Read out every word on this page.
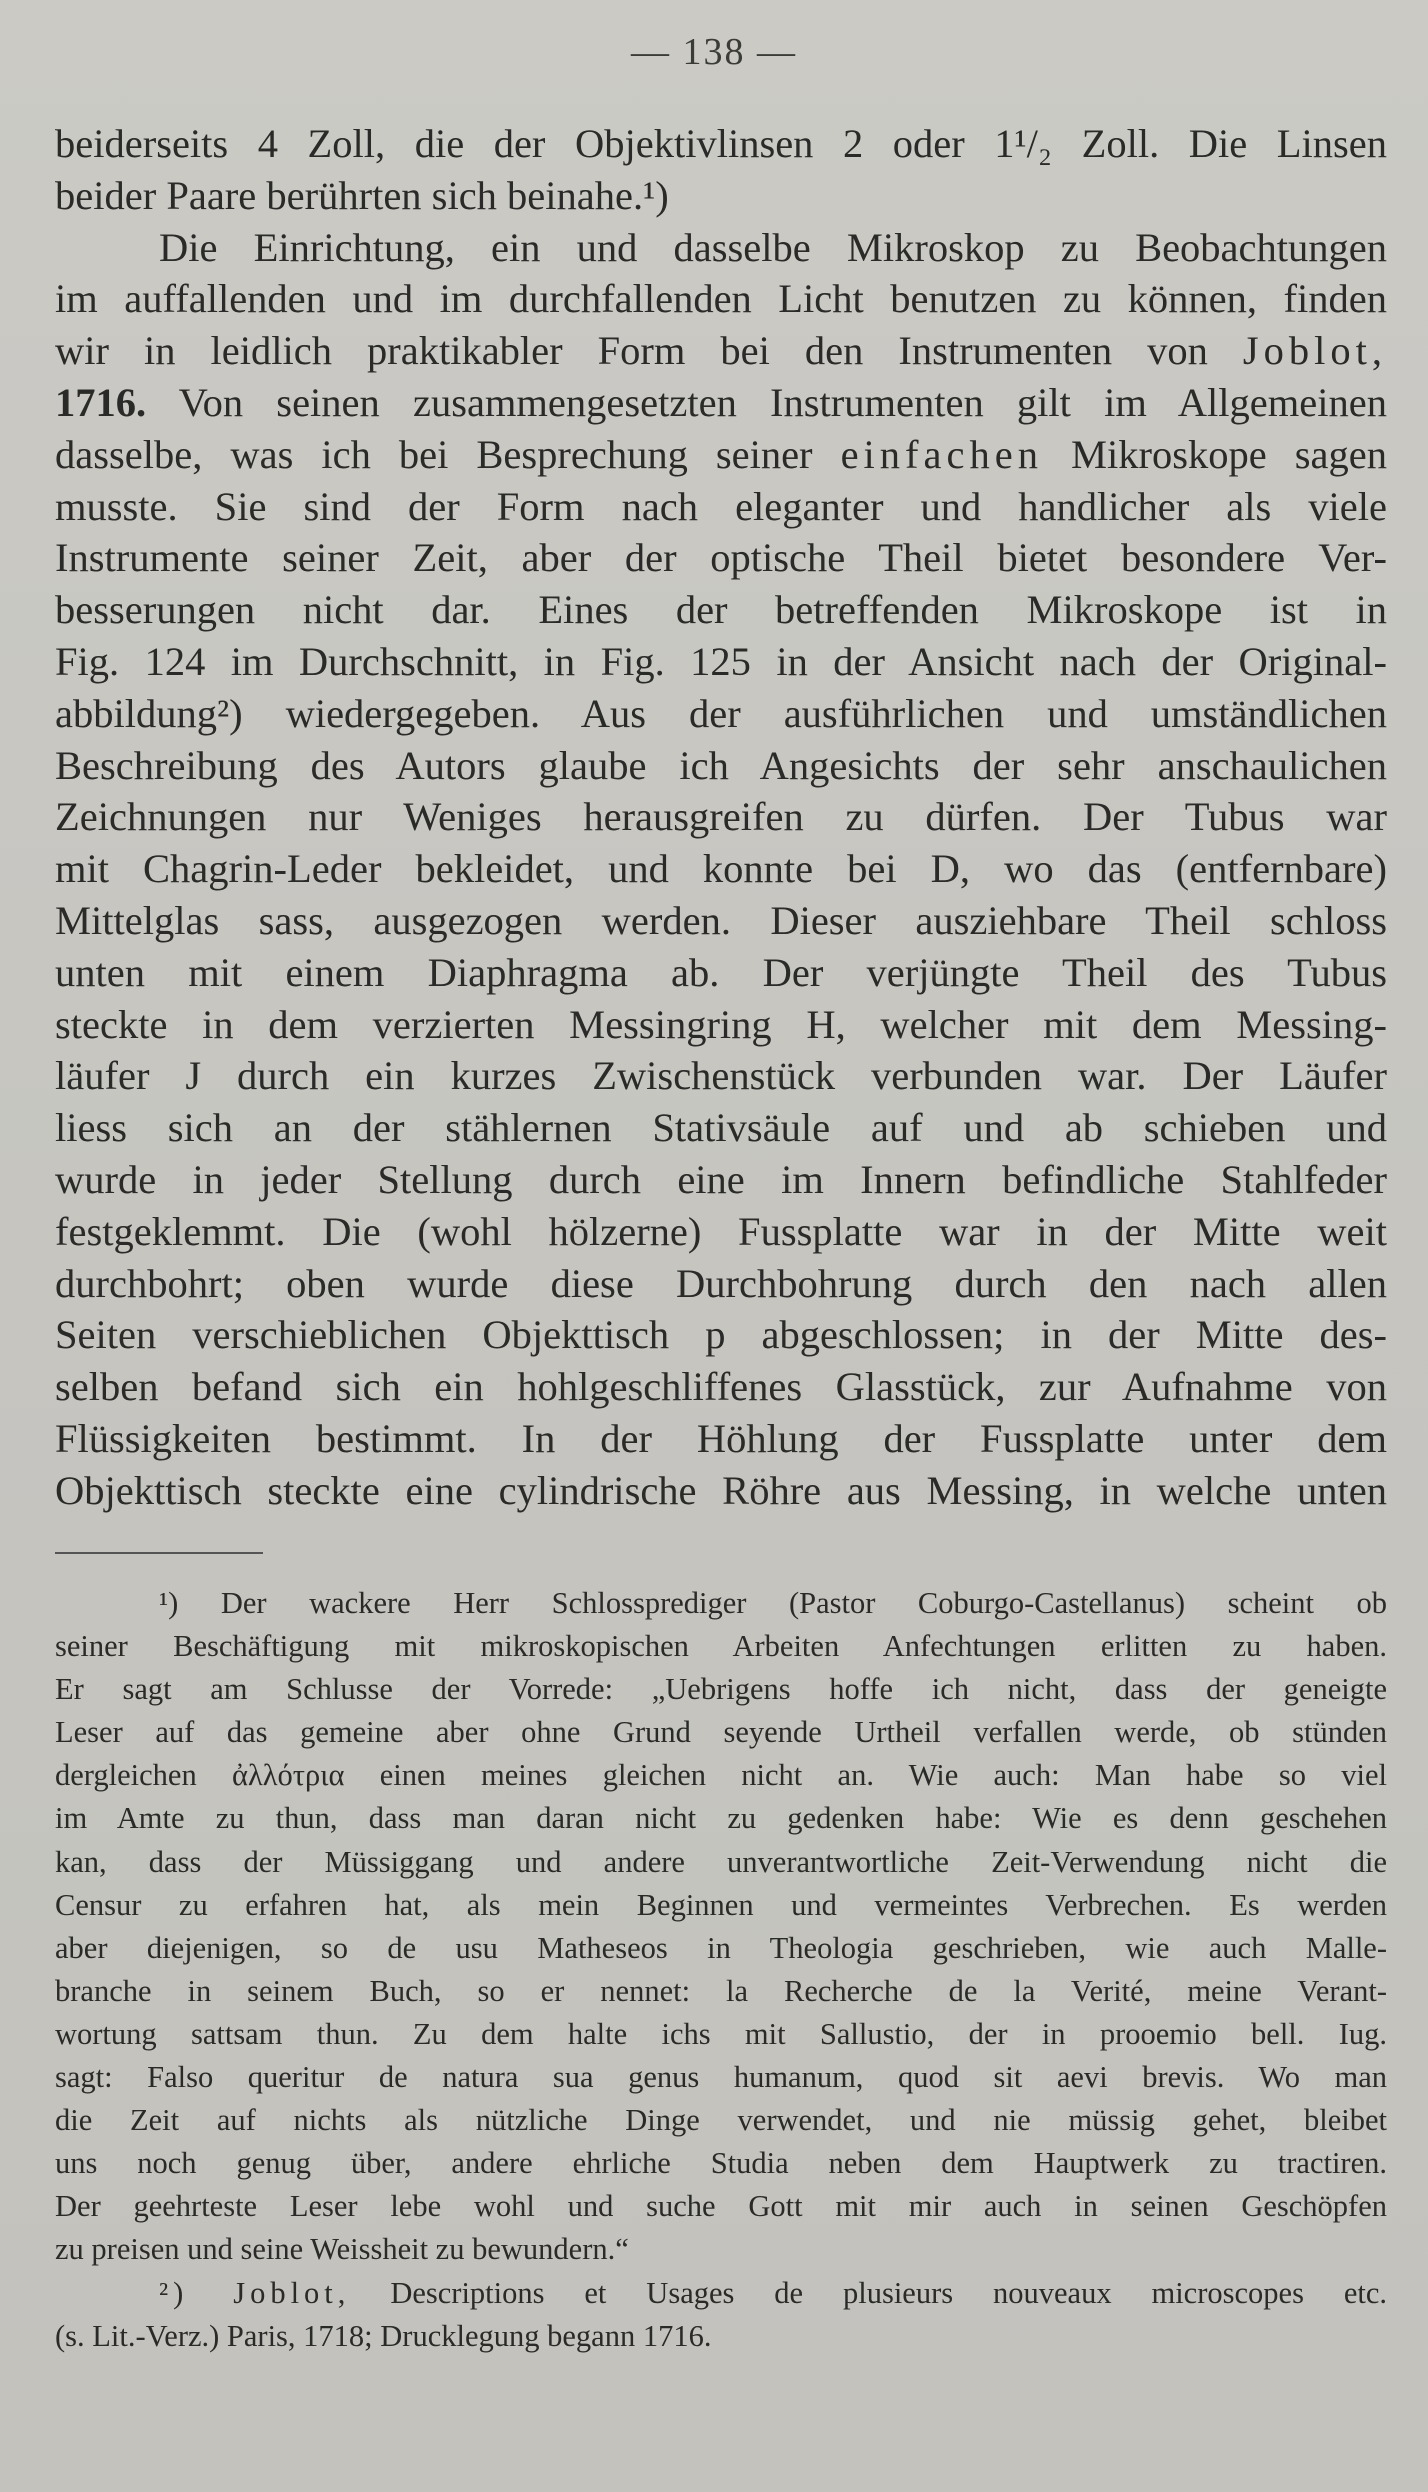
— 138 —
beiderseits 4 Zoll, die der Objektivlinsen 2 oder 1¹/₂ Zoll. Die Linsen
beider Paare berührten sich beinahe.¹)
Die Einrichtung, ein und dasselbe Mikroskop zu Beobachtungen
im auffallenden und im durchfallenden Licht benutzen zu können, finden
wir in leidlich praktikabler Form bei den Instrumenten von Joblot,
1716. Von seinen zusammengesetzten Instrumenten gilt im Allgemeinen
dasselbe, was ich bei Besprechung seiner einfachen Mikroskope sagen
musste. Sie sind der Form nach eleganter und handlicher als viele
Instrumente seiner Zeit, aber der optische Theil bietet besondere Ver-
besserungen nicht dar. Eines der betreffenden Mikroskope ist in
Fig. 124 im Durchschnitt, in Fig. 125 in der Ansicht nach der Original-
abbildung²) wiedergegeben. Aus der ausführlichen und umständlichen
Beschreibung des Autors glaube ich Angesichts der sehr anschaulichen
Zeichnungen nur Weniges herausgreifen zu dürfen. Der Tubus war
mit Chagrin-Leder bekleidet, und konnte bei D, wo das (entfernbare)
Mittelglas sass, ausgezogen werden. Dieser ausziehbare Theil schloss
unten mit einem Diaphragma ab. Der verjüngte Theil des Tubus
steckte in dem verzierten Messingring H, welcher mit dem Messing-
läufer J durch ein kurzes Zwischenstück verbunden war. Der Läufer
liess sich an der stählernen Stativsäule auf und ab schieben und
wurde in jeder Stellung durch eine im Innern befindliche Stahlfeder
festgeklemmt. Die (wohl hölzerne) Fussplatte war in der Mitte weit
durchbohrt; oben wurde diese Durchbohrung durch den nach allen
Seiten verschieblichen Objekttisch p abgeschlossen; in der Mitte des-
selben befand sich ein hohlgeschliffenes Glasstück, zur Aufnahme von
Flüssigkeiten bestimmt. In der Höhlung der Fussplatte unter dem
Objekttisch steckte eine cylindrische Röhre aus Messing, in welche unten
¹) Der wackere Herr Schlossprediger (Pastor Coburgo-Castellanus) scheint ob
seiner Beschäftigung mit mikroskopischen Arbeiten Anfechtungen erlitten zu haben.
Er sagt am Schlusse der Vorrede: „Uebrigens hoffe ich nicht, dass der geneigte
Leser auf das gemeine aber ohne Grund seyende Urtheil verfallen werde, ob stünden
dergleichen ἀλλότρια einen meines gleichen nicht an. Wie auch: Man habe so viel
im Amte zu thun, dass man daran nicht zu gedenken habe: Wie es denn geschehen
kan, dass der Müssiggang und andere unverantwortliche Zeit-Verwendung nicht die
Censur zu erfahren hat, als mein Beginnen und vermeintes Verbrechen. Es werden
aber diejenigen, so de usu Matheseos in Theologia geschrieben, wie auch Malle-
branche in seinem Buch, so er nennet: la Recherche de la Verité, meine Verant-
wortung sattsam thun. Zu dem halte ichs mit Sallustio, der in prooemio bell. Iug.
sagt: Falso queritur de natura sua genus humanum, quod sit aevi brevis. Wo man
die Zeit auf nichts als nützliche Dinge verwendet, und nie müssig gehet, bleibet
uns noch genug über, andere ehrliche Studia neben dem Hauptwerk zu tractiren.
Der geehrteste Leser lebe wohl und suche Gott mit mir auch in seinen Geschöpfen
zu preisen und seine Weissheit zu bewundern.“
²) Joblot, Descriptions et Usages de plusieurs nouveaux microscopes etc.
(s. Lit.-Verz.) Paris, 1718; Drucklegung begann 1716.
